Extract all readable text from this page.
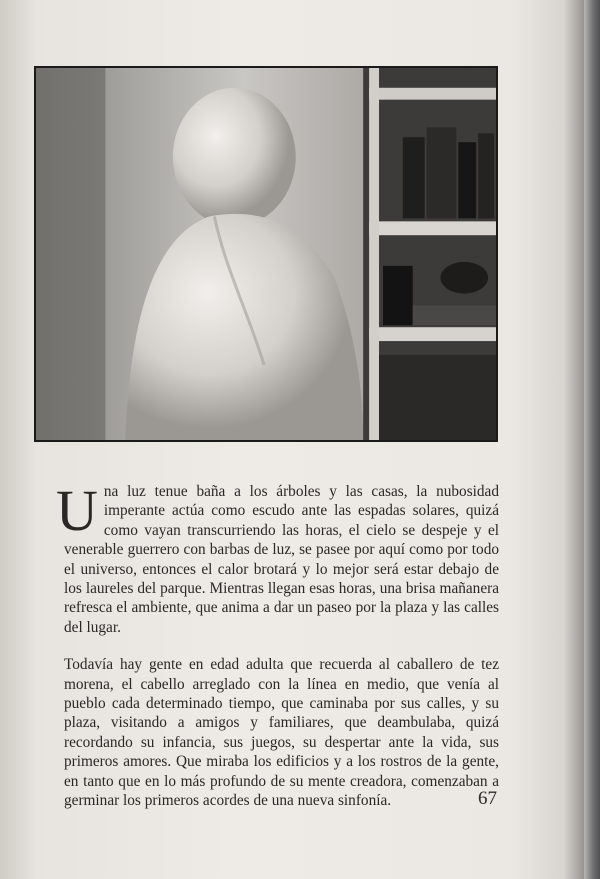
U na luz tenue baña a los árboles y las casas, la nubosidad imperante actúa como escudo ante las espadas solares, quizá como vayan transcurriendo las horas, el cielo se despeje y el venerable guerrero con barbas de luz, se pasee por aquí como por todo el universo, entonces el calor brotará y lo mejor será estar debajo de los laureles del parque. Mientras llegan esas horas, una brisa mañanera refresca el ambiente, que anima a dar un paseo por la plaza y las calles del lugar.

Todavía hay gente en edad adulta que recuerda al caballero de tez morena, el cabello arreglado con la línea en medio, que venía al pueblo cada determinado tiempo, que caminaba por sus calles, y su plaza, visitando a amigos y familiares, que deambulaba, quizá recordando su infancia, sus juegos, su despertar ante la vida, sus primeros amores. Que miraba los edificios y a los rostros de la gente, en tanto que en lo más profundo de su mente creadora, comenzaban a germinar los primeros acordes de una nueva sinfonía.	67
